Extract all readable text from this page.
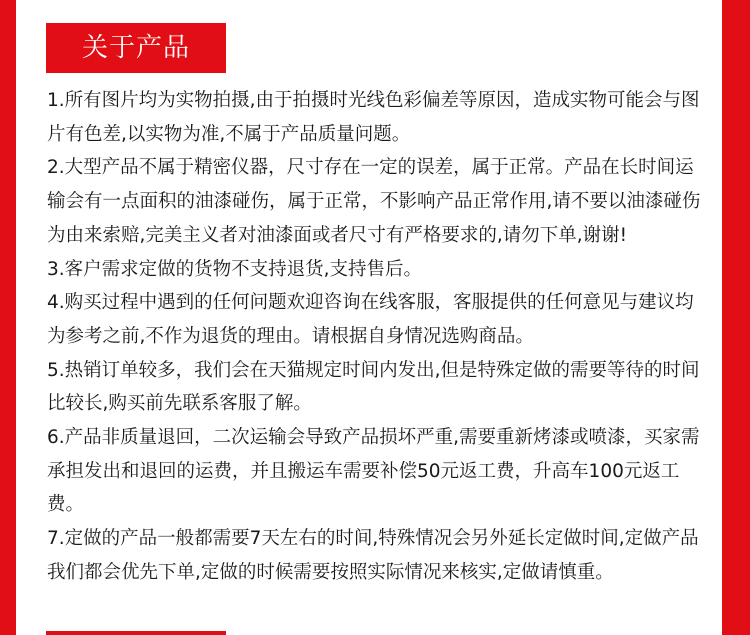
关于产品
1.所有图片均为实物拍摄,由于拍摄时光线色彩偏差等原因，造成实物可能会与图片有色差,以实物为准,不属于产品质量问题。
2.大型产品不属于精密仪器，尺寸存在一定的误差，属于正常。产品在长时间运输会有一点面积的油漆碰伤，属于正常，不影响产品正常作用,请不要以油漆碰伤为由来索赔,完美主义者对油漆面或者尺寸有严格要求的,请勿下单,谢谢!
3.客户需求定做的货物不支持退货,支持售后。
4.购买过程中遇到的任何问题欢迎咨询在线客服，客服提供的任何意见与建议均为参考之前,不作为退货的理由。请根据自身情况选购商品。
5.热销订单较多，我们会在天猫规定时间内发出,但是特殊定做的需要等待的时间比较长,购买前先联系客服了解。
6.产品非质量退回，二次运输会导致产品损坏严重,需要重新烤漆或喷漆，买家需承担发出和退回的运费，并且搬运车需要补偿50元返工费，升高车100元返工费。
7.定做的产品一般都需要7天左右的时间,特殊情况会另外延长定做时间,定做产品我们都会优先下单,定做的时候需要按照实际情况来核实,定做请慎重。
